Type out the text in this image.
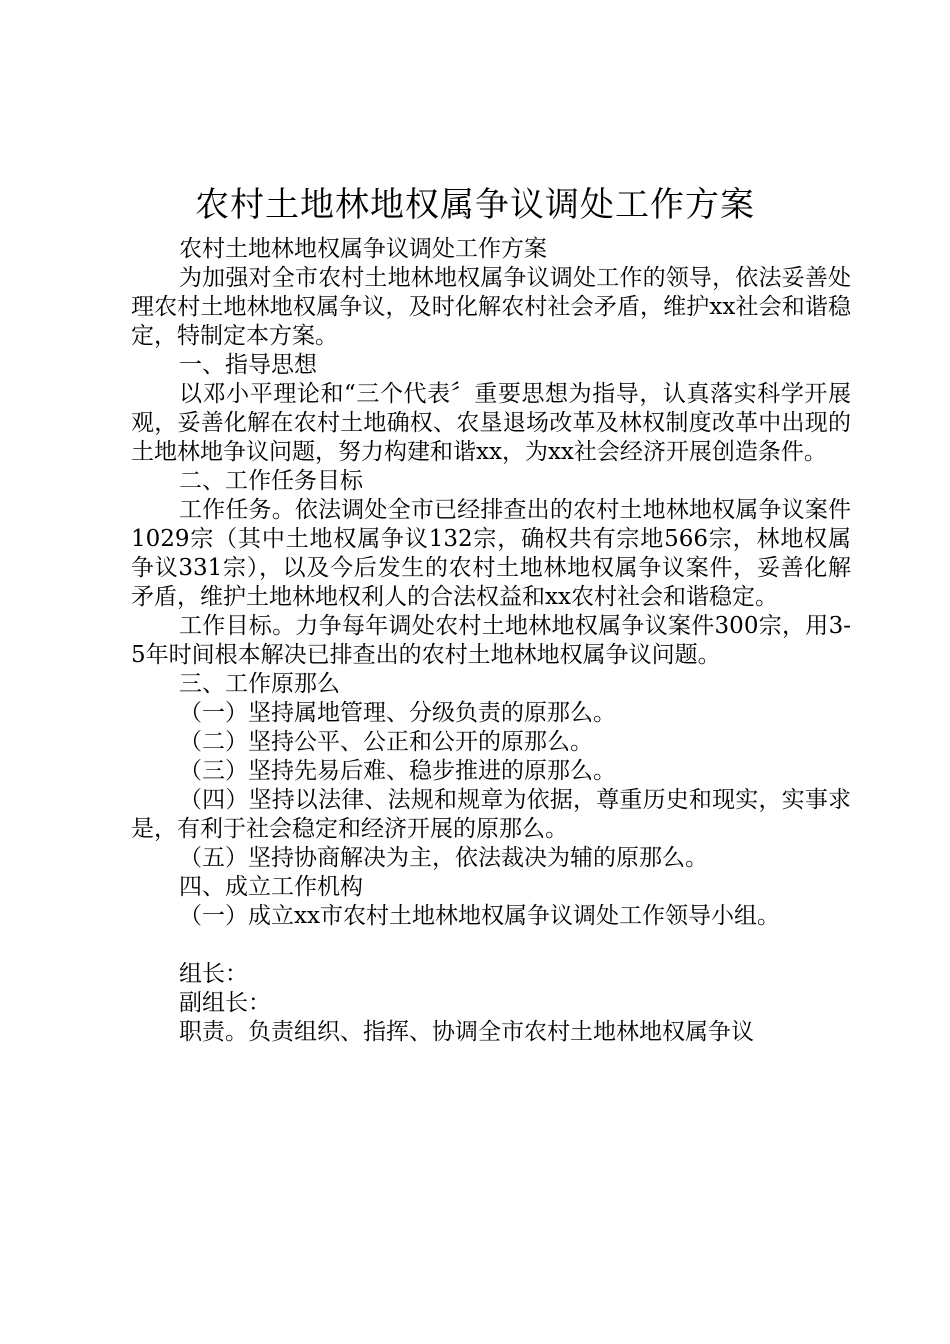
农村土地林地权属争议调处工作方案

农村土地林地权属争议调处工作方案

为加强对全市农村土地林地权属争议调处工作的领导，依法妥善处理农村土地林地权属争议，及时化解农村社会矛盾，维护xx社会和谐稳定，特制定本方案。

一、指导思想

以邓小平理论和“三个代表〞重要思想为指导，认真落实科学开展观，妥善化解在农村土地确权、农垦退场改革及林权制度改革中出现的土地林地争议问题，努力构建和谐xx，为xx社会经济开展创造条件。

二、工作任务目标

工作任务。依法调处全市已经排查出的农村土地林地权属争议案件1029宗（其中土地权属争议132宗，确权共有宗地566宗，林地权属争议331宗），以及今后发生的农村土地林地权属争议案件，妥善化解矛盾，维护土地林地权利人的合法权益和xx农村社会和谐稳定。

工作目标。力争每年调处农村土地林地权属争议案件300宗，用3-5年时间根本解决已排查出的农村土地林地权属争议问题。

三、工作原那么

（一）坚持属地管理、分级负责的原那么。

（二）坚持公平、公正和公开的原那么。

（三）坚持先易后难、稳步推进的原那么。

（四）坚持以法律、法规和规章为依据，尊重历史和现实，实事求是，有利于社会稳定和经济开展的原那么。

（五）坚持协商解决为主，依法裁决为辅的原那么。

四、成立工作机构

（一）成立xx市农村土地林地权属争议调处工作领导小组。

组长：

副组长：

职责。负责组织、指挥、协调全市农村土地林地权属争议
